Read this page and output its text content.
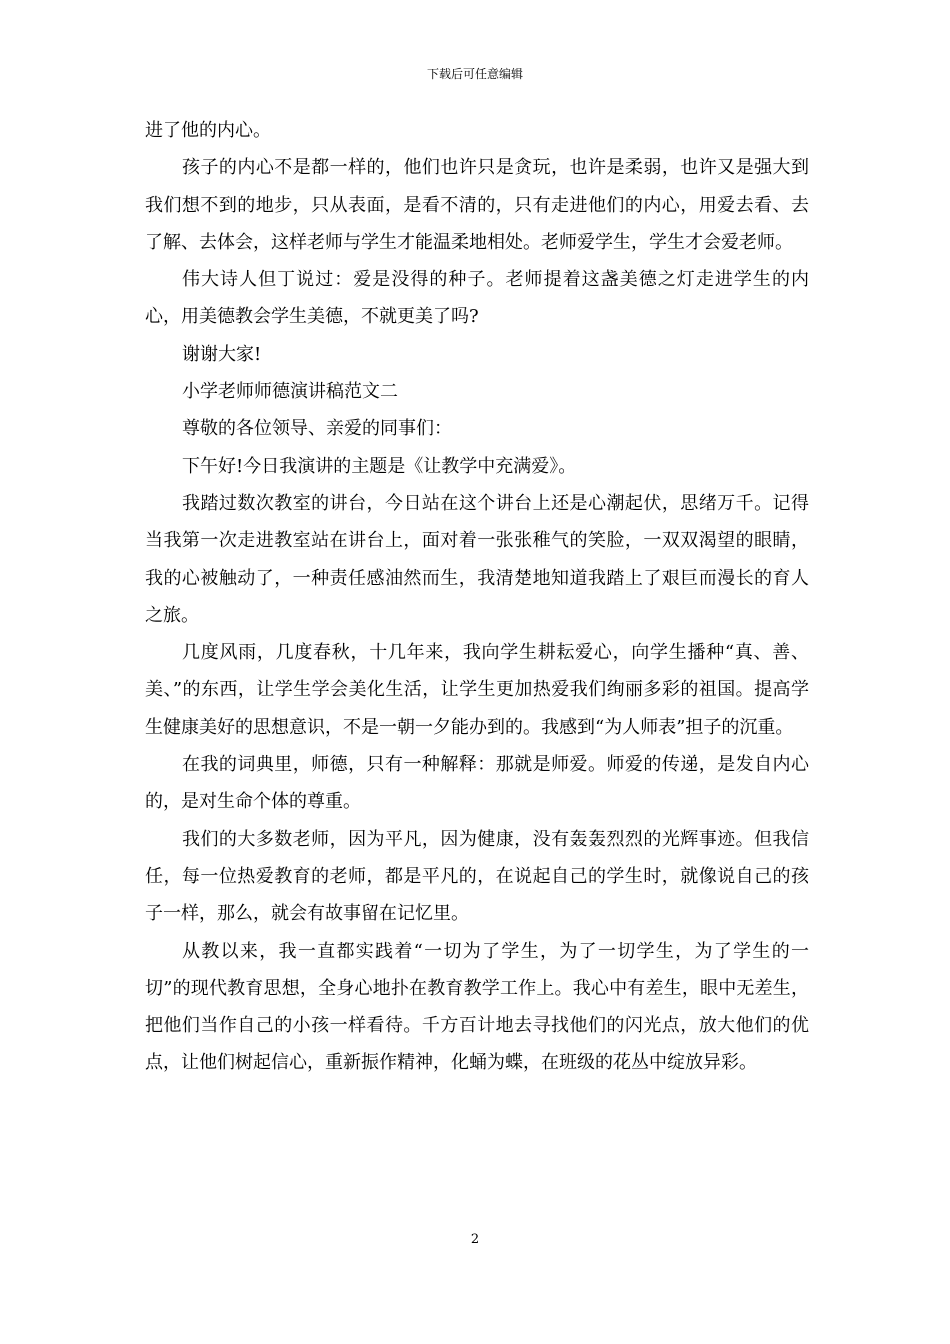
下载后可任意编辑

进了他的内心。

孩子的内心不是都一样的，他们也许只是贪玩，也许是柔弱，也许又是强大到我们想不到的地步，只从表面，是看不清的，只有走进他们的内心，用爱去看、去了解、去体会，这样老师与学生才能温柔地相处。老师爱学生，学生才会爱老师。

伟大诗人但丁说过：爱是没得的种子。老师提着这盏美德之灯走进学生的内心，用美德教会学生美德，不就更美了吗?

谢谢大家!

小学老师师德演讲稿范文二

尊敬的各位领导、亲爱的同事们：

下午好!今日我演讲的主题是《让教学中充满爱》。

我踏过数次教室的讲台，今日站在这个讲台上还是心潮起伏，思绪万千。记得当我第一次走进教室站在讲台上，面对着一张张稚气的笑脸，一双双渴望的眼睛，我的心被触动了，一种责任感油然而生，我清楚地知道我踏上了艰巨而漫长的育人之旅。

几度风雨，几度春秋，十几年来，我向学生耕耘爱心，向学生播种“真、善、美、”的东西，让学生学会美化生活，让学生更加热爱我们绚丽多彩的祖国。提高学生健康美好的思想意识，不是一朝一夕能办到的。我感到“为人师表”担子的沉重。

在我的词典里，师德，只有一种解释：那就是师爱。师爱的传递，是发自内心的，是对生命个体的尊重。

我们的大多数老师，因为平凡，因为健康，没有轰轰烈烈的光辉事迹。但我信任，每一位热爱教育的老师，都是平凡的，在说起自己的学生时，就像说自己的孩子一样，那么，就会有故事留在记忆里。

从教以来，我一直都实践着“一切为了学生，为了一切学生，为了学生的一切”的现代教育思想，全身心地扑在教育教学工作上。我心中有差生，眼中无差生，把他们当作自己的小孩一样看待。千方百计地去寻找他们的闪光点，放大他们的优点，让他们树起信心，重新振作精神，化蛹为蝶，在班级的花丛中绽放异彩。

2
